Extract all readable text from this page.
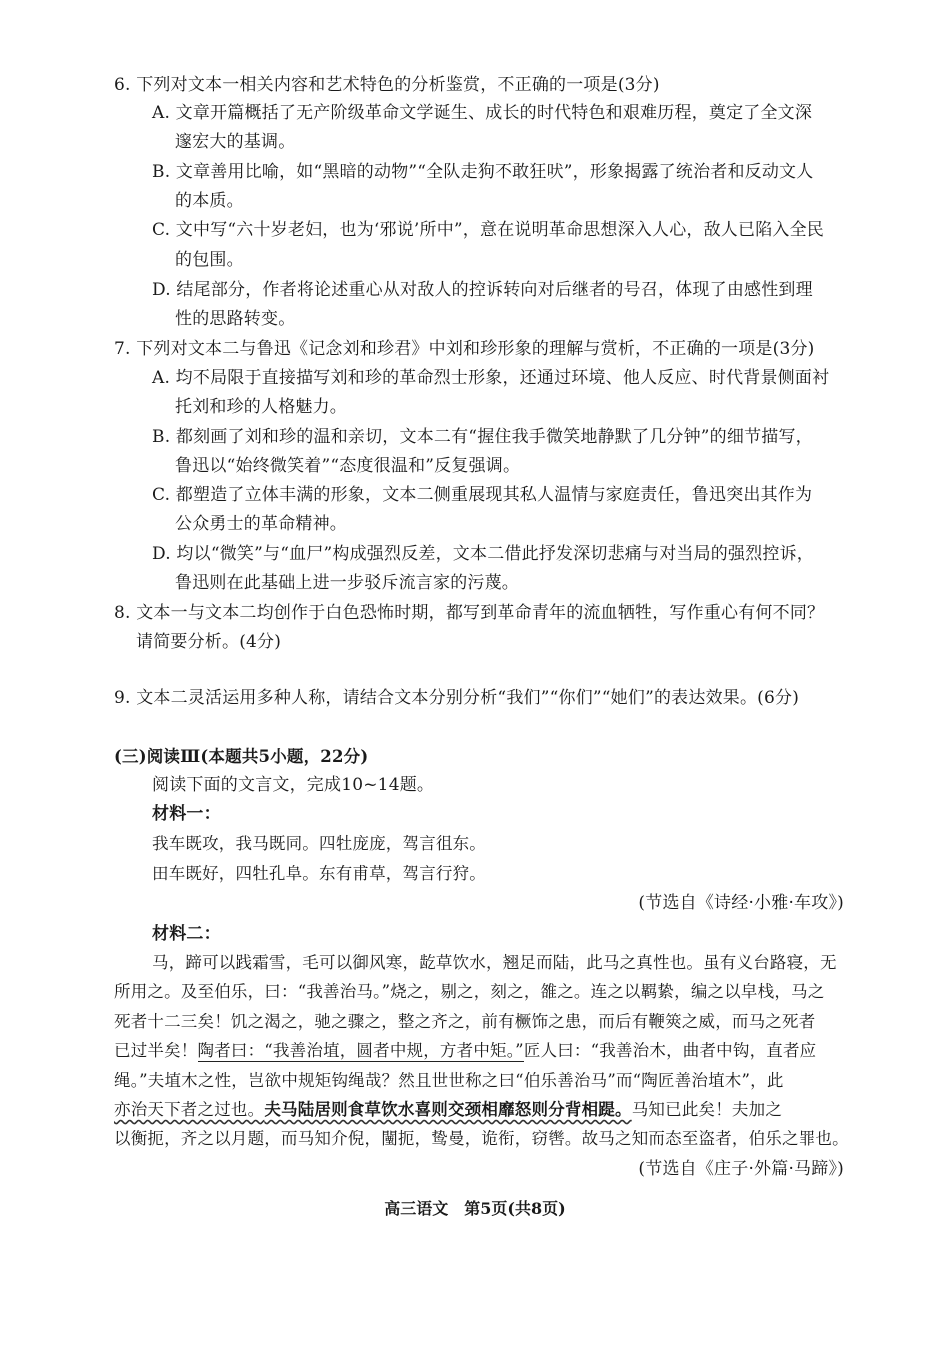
6. 下列对文本一相关内容和艺术特色的分析鉴赏，不正确的一项是(3分)
A. 文章开篇概括了无产阶级革命文学诞生、成长的时代特色和艰难历程，奠定了全文深
邃宏大的基调。
B. 文章善用比喻，如“黑暗的动物”“全队走狗不敢狂吠”，形象揭露了统治者和反动文人
的本质。
C. 文中写“六十岁老妇，也为‘邪说’所中”，意在说明革命思想深入人心，敌人已陷入全民
的包围。
D. 结尾部分，作者将论述重心从对敌人的控诉转向对后继者的号召，体现了由感性到理
性的思路转变。
7. 下列对文本二与鲁迅《记念刘和珍君》中刘和珍形象的理解与赏析，不正确的一项是(3分)
A. 均不局限于直接描写刘和珍的革命烈士形象，还通过环境、他人反应、时代背景侧面衬
托刘和珍的人格魅力。
B. 都刻画了刘和珍的温和亲切，文本二有“握住我手微笑地静默了几分钟”的细节描写，
鲁迅以“始终微笑着”“态度很温和”反复强调。
C. 都塑造了立体丰满的形象，文本二侧重展现其私人温情与家庭责任，鲁迅突出其作为
公众勇士的革命精神。
D. 均以“微笑”与“血尸”构成强烈反差，文本二借此抒发深切悲痛与对当局的强烈控诉，
鲁迅则在此基础上进一步驳斥流言家的污蔑。
8. 文本一与文本二均创作于白色恐怖时期，都写到革命青年的流血牺牲，写作重心有何不同？
请简要分析。(4分)
9. 文本二灵活运用多种人称，请结合文本分别分析“我们”“你们”“她们”的表达效果。(6分)
(三)阅读Ⅲ(本题共5小题，22分)
阅读下面的文言文，完成10~14题。
材料一：
我车既攻，我马既同。四牡庞庞，驾言徂东。
田车既好，四牡孔阜。东有甫草，驾言行狩。
(节选自《诗经·小雅·车攻》)
材料二：
马，蹄可以践霜雪，毛可以御风寒，龁草饮水，翘足而陆，此马之真性也。虽有义台路寝，无
所用之。及至伯乐，曰：“我善治马。”烧之，剔之，刻之，雒之。连之以羁絷，编之以皁栈，马之
死者十二三矣！饥之渴之，驰之骤之，整之齐之，前有橛饰之患，而后有鞭筴之威，而马之死者
已过半矣！陶者曰：“我善治埴，圆者中规，方者中矩。”匠人曰：“我善治木，曲者中钩，直者应
绳。”夫埴木之性，岂欲中规矩钩绳哉？然且世世称之曰“伯乐善治马”而“陶匠善治埴木”，此
亦治天下者之过也。夫马陆居则食草饮水喜则交颈相靡怒则分背相踶。马知已此矣！夫加之
以衡扼，齐之以月题，而马知介倪，闉扼，鸷曼，诡衔，窃辔。故马之知而态至盗者，伯乐之罪也。
(节选自《庄子·外篇·马蹄》)
高三语文　第5页(共8页)
